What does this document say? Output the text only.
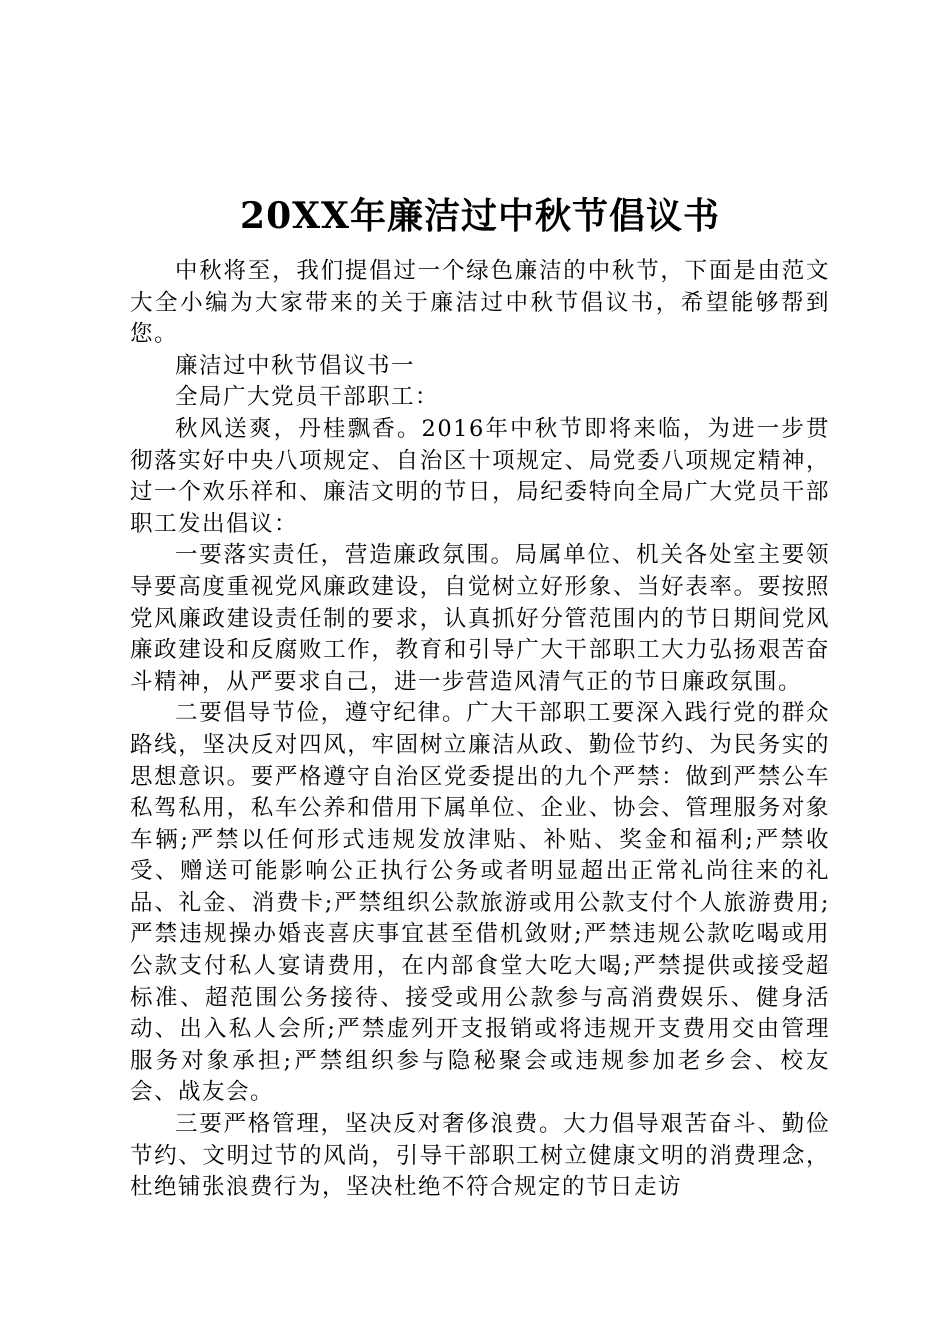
20XX年廉洁过中秋节倡议书

中秋将至，我们提倡过一个绿色廉洁的中秋节，下面是由范文大全小编为大家带来的关于廉洁过中秋节倡议书，希望能够帮到您。

廉洁过中秋节倡议书一

全局广大党员干部职工：

秋风送爽，丹桂飘香。2016年中秋节即将来临，为进一步贯彻落实好中央八项规定、自治区十项规定、局党委八项规定精神，过一个欢乐祥和、廉洁文明的节日，局纪委特向全局广大党员干部职工发出倡议：

一要落实责任，营造廉政氛围。局属单位、机关各处室主要领导要高度重视党风廉政建设，自觉树立好形象、当好表率。要按照党风廉政建设责任制的要求，认真抓好分管范围内的节日期间党风廉政建设和反腐败工作，教育和引导广大干部职工大力弘扬艰苦奋斗精神，从严要求自己，进一步营造风清气正的节日廉政氛围。

二要倡导节俭，遵守纪律。广大干部职工要深入践行党的群众路线，坚决反对四风，牢固树立廉洁从政、勤俭节约、为民务实的思想意识。要严格遵守自治区党委提出的九个严禁：做到严禁公车私驾私用，私车公养和借用下属单位、企业、协会、管理服务对象车辆;严禁以任何形式违规发放津贴、补贴、奖金和福利;严禁收受、赠送可能影响公正执行公务或者明显超出正常礼尚往来的礼品、礼金、消费卡;严禁组织公款旅游或用公款支付个人旅游费用;严禁违规操办婚丧喜庆事宜甚至借机敛财;严禁违规公款吃喝或用公款支付私人宴请费用，在内部食堂大吃大喝;严禁提供或接受超标准、超范围公务接待、接受或用公款参与高消费娱乐、健身活动、出入私人会所;严禁虚列开支报销或将违规开支费用交由管理服务对象承担;严禁组织参与隐秘聚会或违规参加老乡会、校友会、战友会。

三要严格管理，坚决反对奢侈浪费。大力倡导艰苦奋斗、勤俭节约、文明过节的风尚，引导干部职工树立健康文明的消费理念，杜绝铺张浪费行为，坚决杜绝不符合规定的节日走访
